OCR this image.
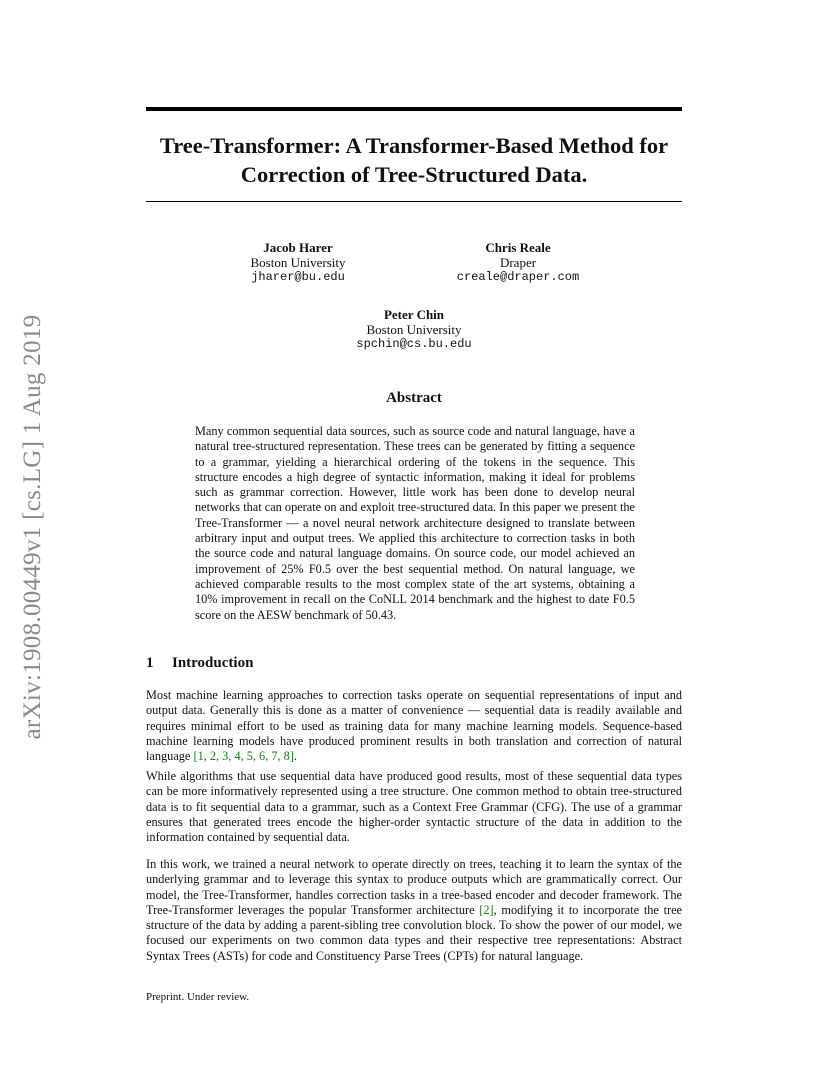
arXiv:1908.00449v1 [cs.LG] 1 Aug 2019
Tree-Transformer: A Transformer-Based Method for
Correction of Tree-Structured Data.
Jacob Harer
Boston University
jharer@bu.edu
Chris Reale
Draper
creale@draper.com
Peter Chin
Boston University
spchin@cs.bu.edu
Abstract

Many common sequential data sources, such as source code and natural language, have a natural tree-structured representation. These trees can be generated by fitting a sequence to a grammar, yielding a hierarchical ordering of the tokens in the sequence. This structure encodes a high degree of syntactic information, making it ideal for problems such as grammar correction. However, little work has been done to develop neural networks that can operate on and exploit tree-structured data. In this paper we present the Tree-Transformer — a novel neural network architecture designed to translate between arbitrary input and output trees. We applied this architecture to correction tasks in both the source code and natural language domains. On source code, our model achieved an improvement of 25% F0.5 over the best sequential method. On natural language, we achieved comparable results to the most complex state of the art systems, obtaining a 10% improvement in recall on the CoNLL 2014 benchmark and the highest to date F0.5 score on the AESW benchmark of 50.43.

1 Introduction

Most machine learning approaches to correction tasks operate on sequential representations of input and output data. Generally this is done as a matter of convenience — sequential data is readily available and requires minimal effort to be used as training data for many machine learning models. Sequence-based machine learning models have produced prominent results in both translation and correction of natural language [1, 2, 3, 4, 5, 6, 7, 8].

While algorithms that use sequential data have produced good results, most of these sequential data types can be more informatively represented using a tree structure. One common method to obtain tree-structured data is to fit sequential data to a grammar, such as a Context Free Grammar (CFG). The use of a grammar ensures that generated trees encode the higher-order syntactic structure of the data in addition to the information contained by sequential data.

In this work, we trained a neural network to operate directly on trees, teaching it to learn the syntax of the underlying grammar and to leverage this syntax to produce outputs which are grammatically correct. Our model, the Tree-Transformer, handles correction tasks in a tree-based encoder and decoder framework. The Tree-Transformer leverages the popular Transformer architecture [2], modifying it to incorporate the tree structure of the data by adding a parent-sibling tree convolution block. To show the power of our model, we focused our experiments on two common data types and their respective tree representations: Abstract Syntax Trees (ASTs) for code and Constituency Parse Trees (CPTs) for natural language.

Preprint. Under review.
